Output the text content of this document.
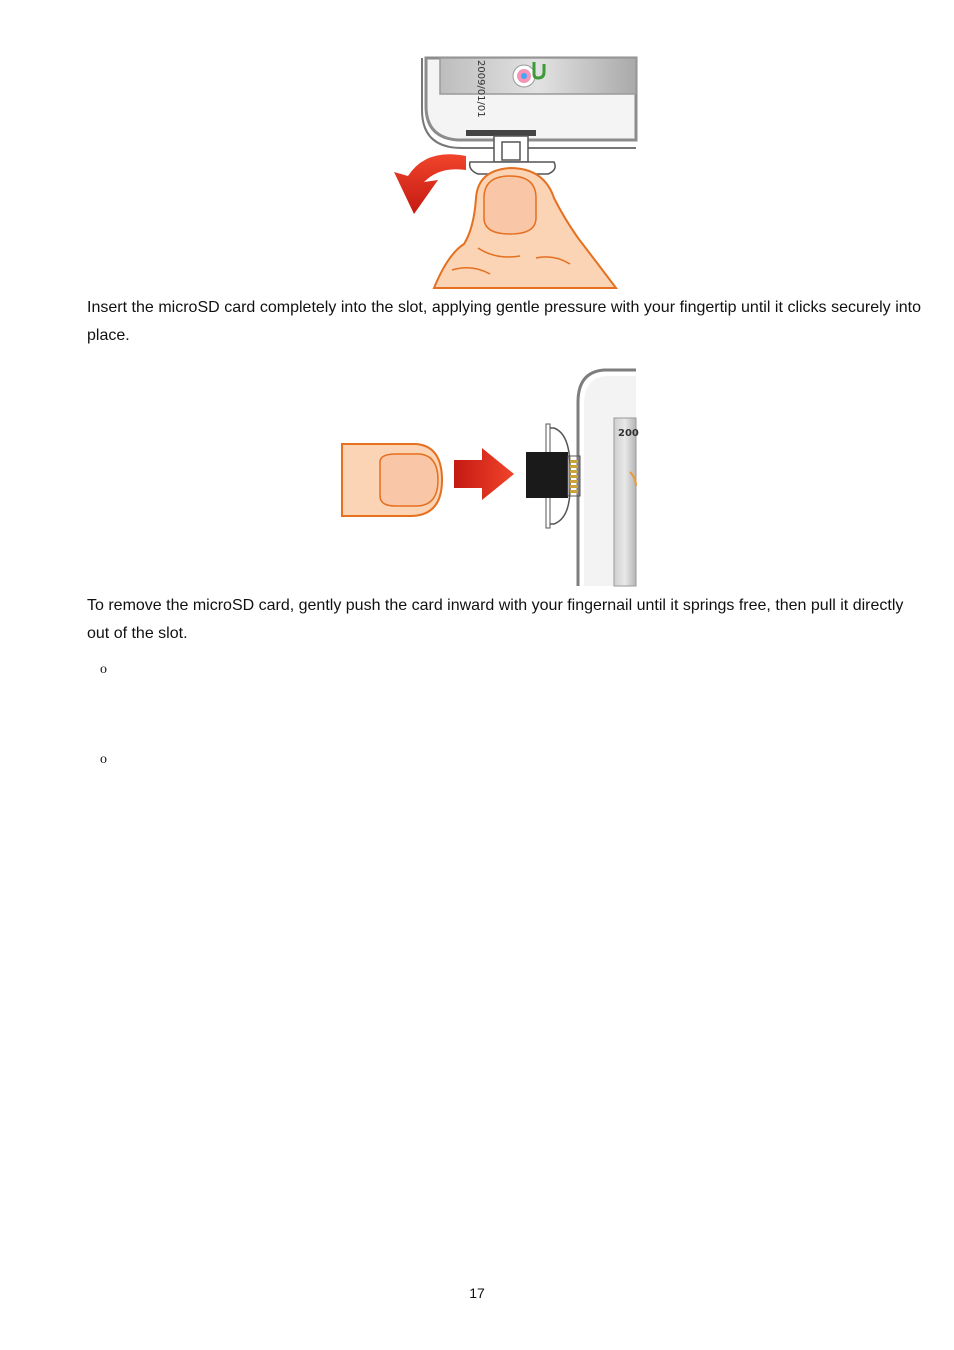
2009/01/01

Insert the microSD card completely into the slot, applying gentle pressure with your fingertip until it clicks securely into place.

200

To remove the microSD card, gently push the card inward with your fingernail until it springs free, then pull it directly out of the slot.

o
o
17
